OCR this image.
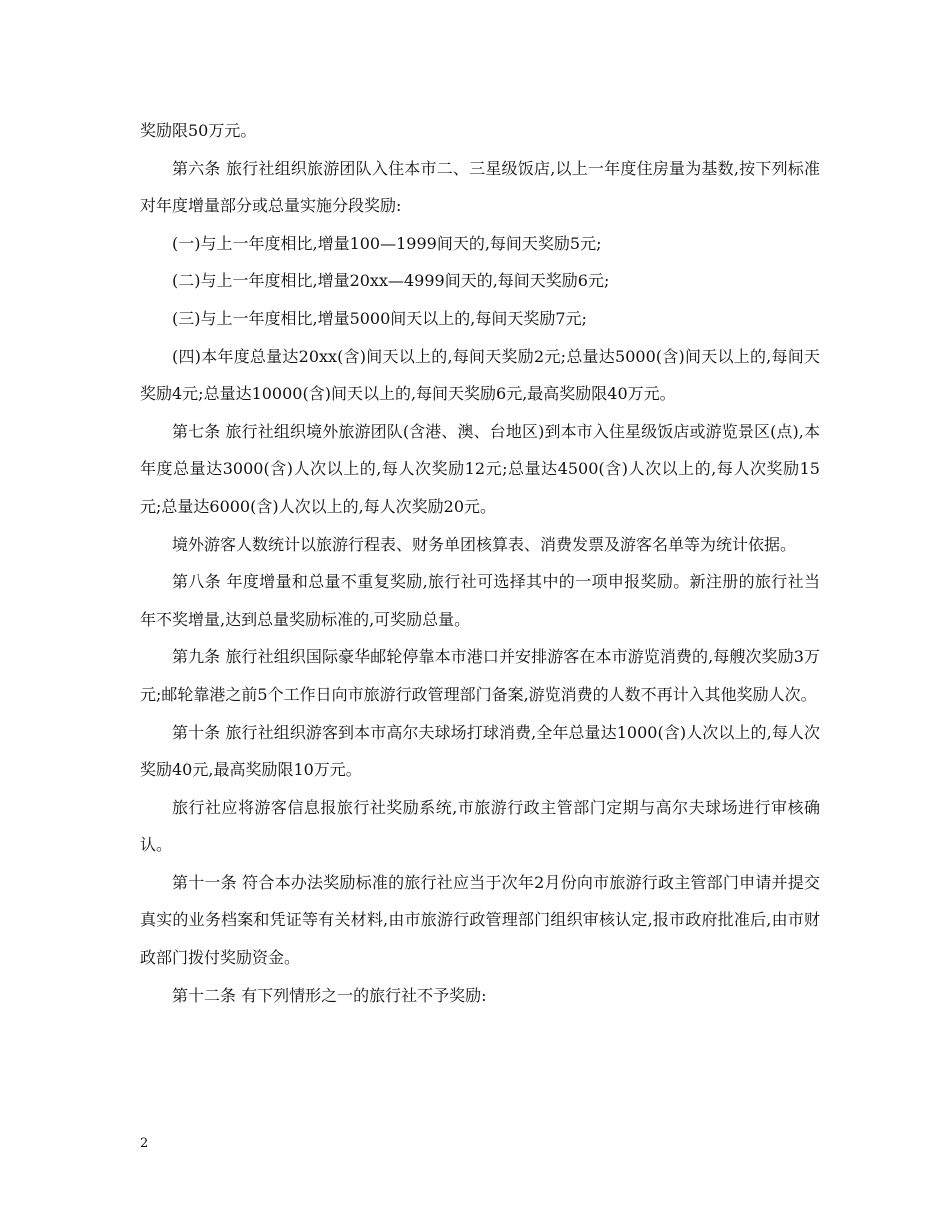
奖励限50万元。

第六条 旅行社组织旅游团队入住本市二、三星级饭店,以上一年度住房量为基数,按下列标准对年度增量部分或总量实施分段奖励:

(一)与上一年度相比,增量100—1999间天的,每间天奖励5元;

(二)与上一年度相比,增量20xx—4999间天的,每间天奖励6元;

(三)与上一年度相比,增量5000间天以上的,每间天奖励7元;

(四)本年度总量达20xx(含)间天以上的,每间天奖励2元;总量达5000(含)间天以上的,每间天奖励4元;总量达10000(含)间天以上的,每间天奖励6元,最高奖励限40万元。

第七条 旅行社组织境外旅游团队(含港、澳、台地区)到本市入住星级饭店或游览景区(点),本年度总量达3000(含)人次以上的,每人次奖励12元;总量达4500(含)人次以上的,每人次奖励15元;总量达6000(含)人次以上的,每人次奖励20元。

境外游客人数统计以旅游行程表、财务单团核算表、消费发票及游客名单等为统计依据。

第八条 年度增量和总量不重复奖励,旅行社可选择其中的一项申报奖励。新注册的旅行社当年不奖增量,达到总量奖励标准的,可奖励总量。

第九条 旅行社组织国际豪华邮轮停靠本市港口并安排游客在本市游览消费的,每艘次奖励3万元;邮轮靠港之前5个工作日向市旅游行政管理部门备案,游览消费的人数不再计入其他奖励人次。

第十条 旅行社组织游客到本市高尔夫球场打球消费,全年总量达1000(含)人次以上的,每人次奖励40元,最高奖励限10万元。

旅行社应将游客信息报旅行社奖励系统,市旅游行政主管部门定期与高尔夫球场进行审核确认。

第十一条 符合本办法奖励标准的旅行社应当于次年2月份向市旅游行政主管部门申请并提交真实的业务档案和凭证等有关材料,由市旅游行政管理部门组织审核认定,报市政府批准后,由市财政部门拨付奖励资金。

第十二条 有下列情形之一的旅行社不予奖励:

2
